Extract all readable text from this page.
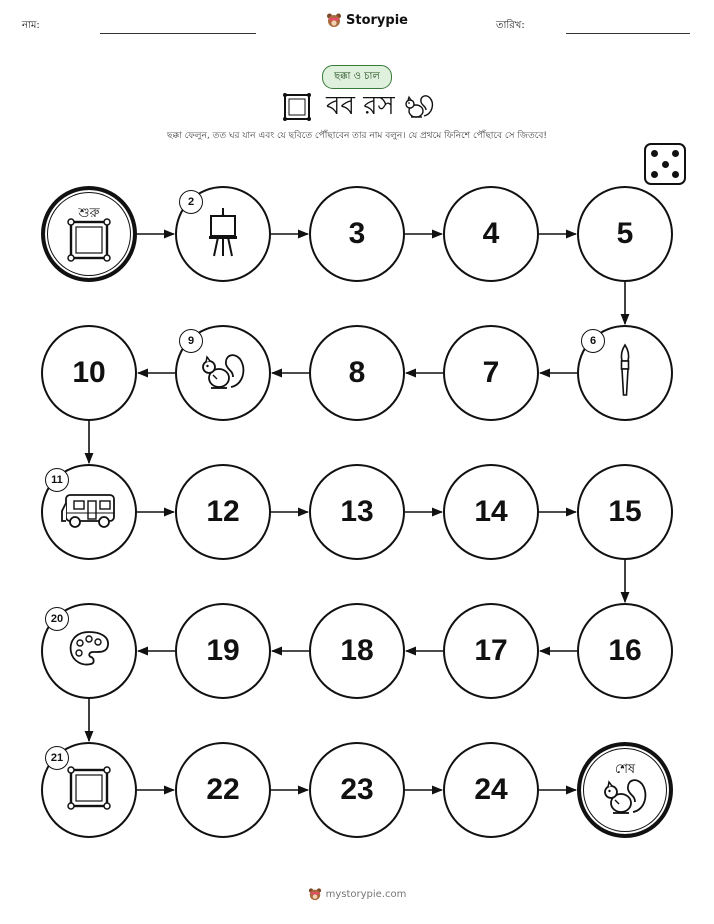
নাম:	Storypie	তারিখ:
ছক্কা ও চাল
বব রস
ছক্কা ফেলুন, তত ঘর যান এবং যে ছবিতে পৌঁছাবেন তার নাম বলুন। যে প্রথমে ফিনিশে পৌঁছাবে সে জিতবে!
শুরু
2
3	4	5
6
7
8
9
10
11
12	13	14	15
16
17
18
19
20
21
22	23	24
শেষ
mystorypie.com
